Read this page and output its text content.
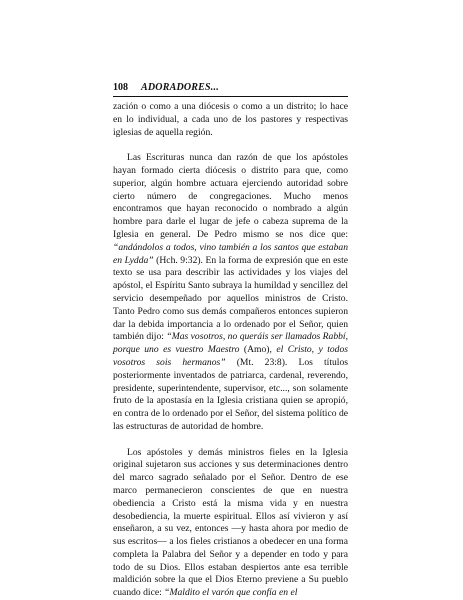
108 ADORADORES...

zación o como a una diócesis o como a un distrito; lo hace en lo individual, a cada uno de los pastores y respectivas iglesias de aquella región.

Las Escrituras nunca dan razón de que los apóstoles hayan formado cierta diócesis o distrito para que, como superior, algún hombre actuara ejerciendo autoridad sobre cierto número de congregaciones. Mucho menos encontramos que hayan reconocido o nombrado a algún hombre para darle el lugar de jefe o cabeza suprema de la Iglesia en general. De Pedro mismo se nos dice que: “andándolos a todos, vino también a los santos que estaban en Lydda” (Hch. 9:32). En la forma de expresión que en este texto se usa para describir las actividades y los viajes del apóstol, el Espíritu Santo subraya la humildad y sencillez del servicio desempeñado por aquellos ministros de Cristo. Tanto Pedro como sus demás compañeros entonces supieron dar la debida importancia a lo ordenado por el Señor, quien también dijo: “Mas vosotros, no queráis ser llamados Rabbí, porque uno es vuestro Maestro (Amo), el Cristo, y todos vosotros sois hermanos” (Mt. 23:8). Los títulos posteriormente inventados de patriarca, cardenal, reverendo, presidente, superintendente, supervisor, etc..., son solamente fruto de la apostasía en la Iglesia cristiana quien se apropió, en contra de lo ordenado por el Señor, del sistema político de las estructuras de autoridad de hombre.

Los apóstoles y demás ministros fieles en la Iglesia original sujetaron sus acciones y sus determinaciones dentro del marco sagrado señalado por el Señor. Dentro de ese marco permanecieron conscientes de que en nuestra obediencia a Cristo está la misma vida y en nuestra desobediencia, la muerte espiritual. Ellos así vivieron y así enseñaron, a su vez, entonces —y hasta ahora por medio de sus escritos— a los fieles cristianos a obedecer en una forma completa la Palabra del Señor y a depender en todo y para todo de su Dios. Ellos estaban despiertos ante esa terrible maldición sobre la que el Dios Eterno previene a Su pueblo cuando dice: “Maldito el varón que confía en el
